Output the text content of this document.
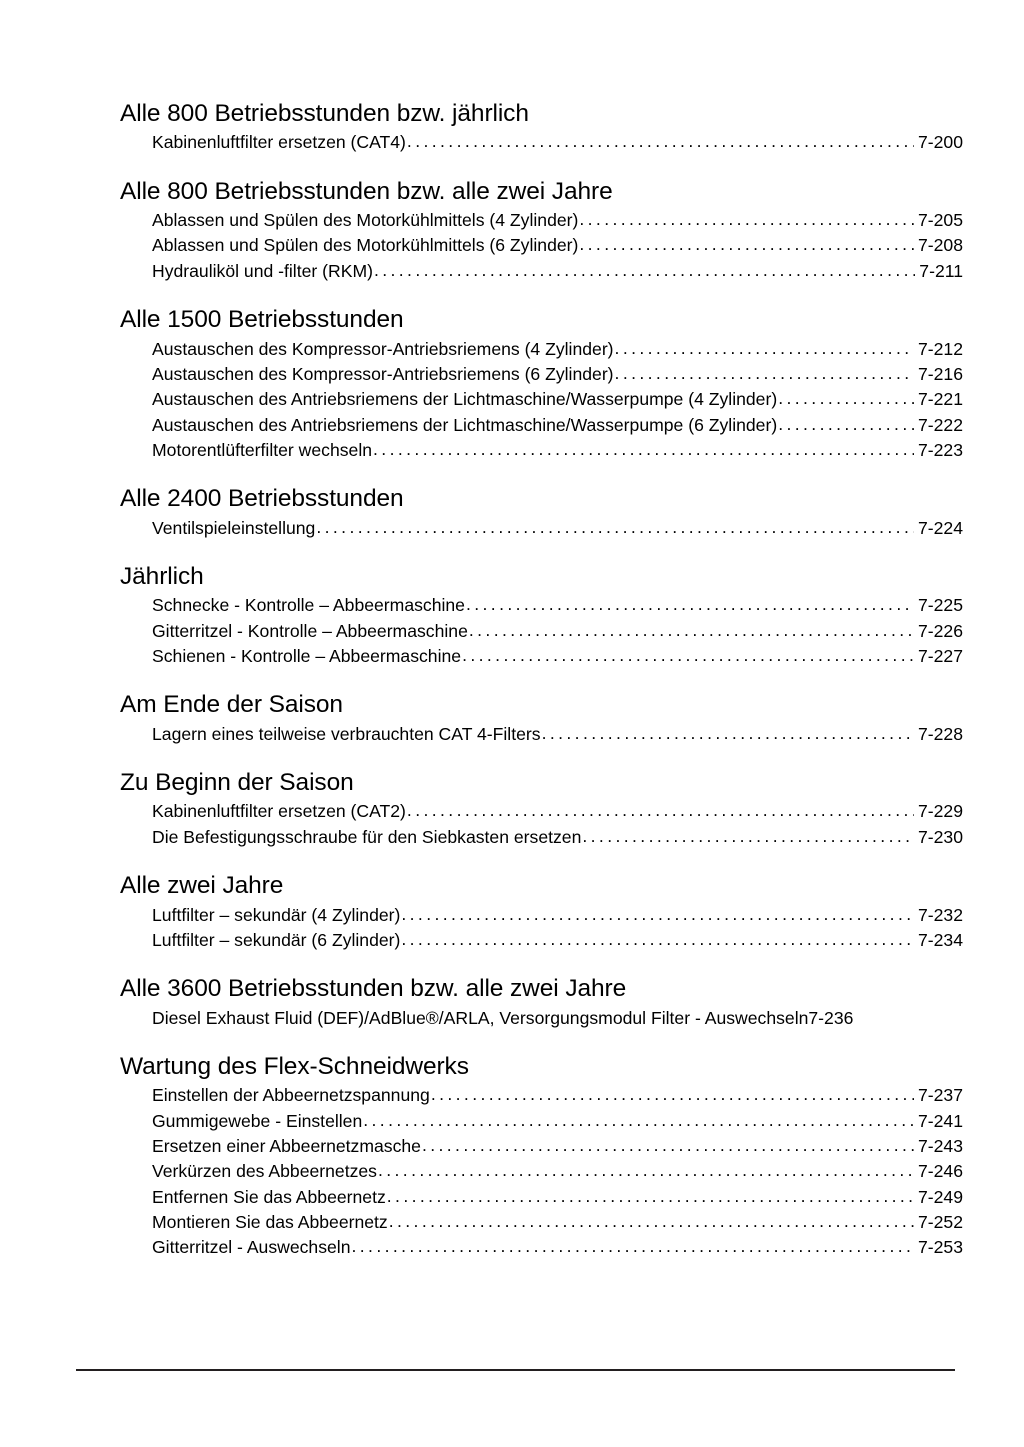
Alle 800 Betriebsstunden bzw. jährlich
Kabinenluftfilter ersetzen (CAT4) . . .	7-200
Alle 800 Betriebsstunden bzw. alle zwei Jahre
Ablassen und Spülen des Motorkühlmittels (4 Zylinder) . . .	7-205
Ablassen und Spülen des Motorkühlmittels (6 Zylinder) . . .	7-208
Hydrauliköl und -filter (RKM) . . .	7-211
Alle 1500 Betriebsstunden
Austauschen des Kompressor-Antriebsriemens (4 Zylinder) . . .	7-212
Austauschen des Kompressor-Antriebsriemens (6 Zylinder) . . .	7-216
Austauschen des Antriebsriemens der Lichtmaschine/Wasserpumpe (4 Zylinder) . . .	7-221
Austauschen des Antriebsriemens der Lichtmaschine/Wasserpumpe (6 Zylinder) . . .	7-222
Motorentlüfterfilter wechseln . . .	7-223
Alle 2400 Betriebsstunden
Ventilspieleinstellung . . .	7-224
Jährlich
Schnecke - Kontrolle – Abbeermaschine . . .	7-225
Gitterritzel - Kontrolle – Abbeermaschine . . .	7-226
Schienen - Kontrolle – Abbeermaschine . . .	7-227
Am Ende der Saison
Lagern eines teilweise verbrauchten CAT 4-Filters . . .	7-228
Zu Beginn der Saison
Kabinenluftfilter ersetzen (CAT2) . . .	7-229
Die Befestigungsschraube für den Siebkasten ersetzen . . .	7-230
Alle zwei Jahre
Luftfilter – sekundär (4 Zylinder) . . .	7-232
Luftfilter – sekundär (6 Zylinder) . . .	7-234
Alle 3600 Betriebsstunden bzw. alle zwei Jahre
Diesel Exhaust Fluid (DEF)/AdBlue®/ARLA, Versorgungsmodul Filter - Auswechseln 7-236
Wartung des Flex-Schneidwerks
Einstellen der Abbeernetzspannung . . .	7-237
Gummigewebe - Einstellen . . .	7-241
Ersetzen einer Abbeernetzmasche . . .	7-243
Verkürzen des Abbeernetzes . . .	7-246
Entfernen Sie das Abbeernetz . . .	7-249
Montieren Sie das Abbeernetz . . .	7-252
Gitterritzel - Auswechseln . . .	7-253
